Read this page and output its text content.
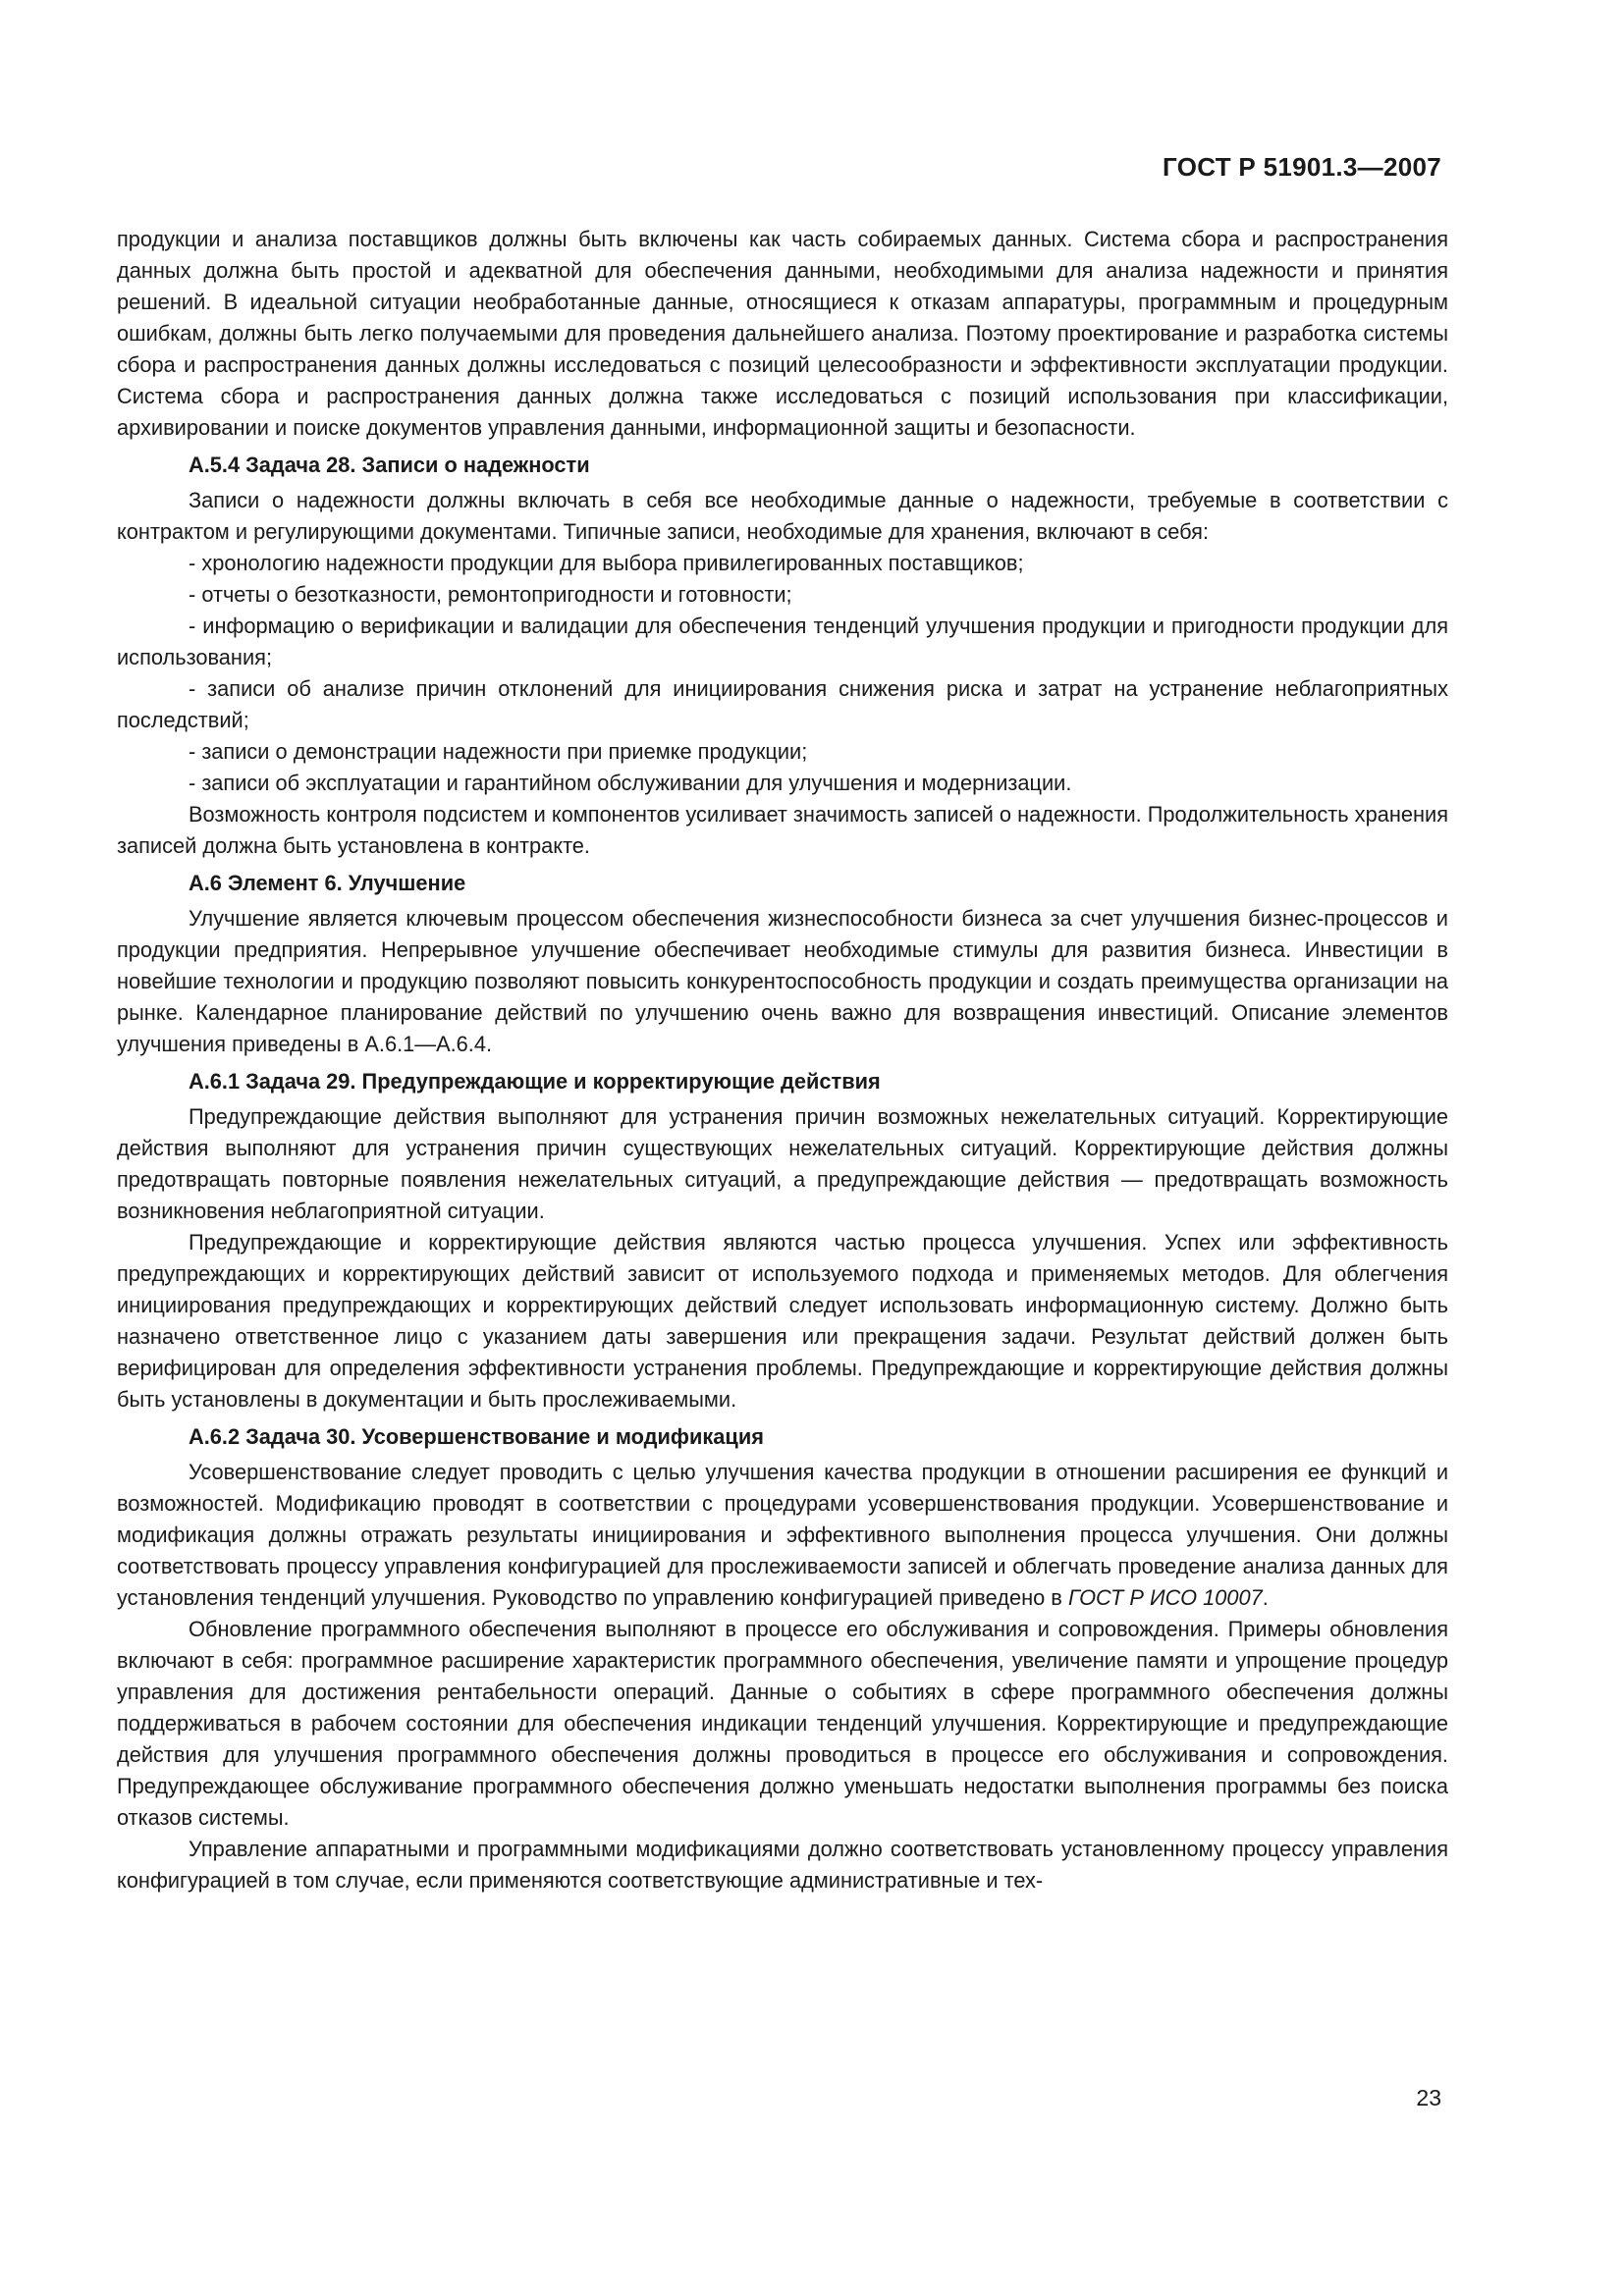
ГОСТ Р 51901.3—2007

продукции и анализа поставщиков должны быть включены как часть собираемых данных. Система сбора и распространения данных должна быть простой и адекватной для обеспечения данными, необходимыми для анализа надежности и принятия решений. В идеальной ситуации необработанные данные, относящиеся к отказам аппаратуры, программным и процедурным ошибкам, должны быть легко получаемыми для проведения дальнейшего анализа. Поэтому проектирование и разработка системы сбора и распространения данных должны исследоваться с позиций целесообразности и эффективности эксплуатации продукции. Система сбора и распространения данных должна также исследоваться с позиций использования при классификации, архивировании и поиске документов управления данными, информационной защиты и безопасности.

А.5.4 Задача 28. Записи о надежности

Записи о надежности должны включать в себя все необходимые данные о надежности, требуемые в соответствии с контрактом и регулирующими документами. Типичные записи, необходимые для хранения, включают в себя:

- хронологию надежности продукции для выбора привилегированных поставщиков;

- отчеты о безотказности, ремонтопригодности и готовности;

- информацию о верификации и валидации для обеспечения тенденций улучшения продукции и пригодности продукции для использования;

- записи об анализе причин отклонений для инициирования снижения риска и затрат на устранение неблагоприятных последствий;

- записи о демонстрации надежности при приемке продукции;

- записи об эксплуатации и гарантийном обслуживании для улучшения и модернизации.

Возможность контроля подсистем и компонентов усиливает значимость записей о надежности. Продолжительность хранения записей должна быть установлена в контракте.

А.6 Элемент 6. Улучшение

Улучшение является ключевым процессом обеспечения жизнеспособности бизнеса за счет улучшения бизнес-процессов и продукции предприятия. Непрерывное улучшение обеспечивает необходимые стимулы для развития бизнеса. Инвестиции в новейшие технологии и продукцию позволяют повысить конкурентоспособность продукции и создать преимущества организации на рынке. Календарное планирование действий по улучшению очень важно для возвращения инвестиций. Описание элементов улучшения приведены в А.6.1—А.6.4.

А.6.1 Задача 29. Предупреждающие и корректирующие действия

Предупреждающие действия выполняют для устранения причин возможных нежелательных ситуаций. Корректирующие действия выполняют для устранения причин существующих нежелательных ситуаций. Корректирующие действия должны предотвращать повторные появления нежелательных ситуаций, а предупреждающие действия — предотвращать возможность возникновения неблагоприятной ситуации.

Предупреждающие и корректирующие действия являются частью процесса улучшения. Успех или эффективность предупреждающих и корректирующих действий зависит от используемого подхода и применяемых методов. Для облегчения инициирования предупреждающих и корректирующих действий следует использовать информационную систему. Должно быть назначено ответственное лицо с указанием даты завершения или прекращения задачи. Результат действий должен быть верифицирован для определения эффективности устранения проблемы. Предупреждающие и корректирующие действия должны быть установлены в документации и быть прослеживаемыми.

А.6.2 Задача 30. Усовершенствование и модификация

Усовершенствование следует проводить с целью улучшения качества продукции в отношении расширения ее функций и возможностей. Модификацию проводят в соответствии с процедурами усовершенствования продукции. Усовершенствование и модификация должны отражать результаты инициирования и эффективного выполнения процесса улучшения. Они должны соответствовать процессу управления конфигурацией для прослеживаемости записей и облегчать проведение анализа данных для установления тенденций улучшения. Руководство по управлению конфигурацией приведено в ГОСТ Р ИСО 10007.

Обновление программного обеспечения выполняют в процессе его обслуживания и сопровождения. Примеры обновления включают в себя: программное расширение характеристик программного обеспечения, увеличение памяти и упрощение процедур управления для достижения рентабельности операций. Данные о событиях в сфере программного обеспечения должны поддерживаться в рабочем состоянии для обеспечения индикации тенденций улучшения. Корректирующие и предупреждающие действия для улучшения программного обеспечения должны проводиться в процессе его обслуживания и сопровождения. Предупреждающее обслуживание программного обеспечения должно уменьшать недостатки выполнения программы без поиска отказов системы.

Управление аппаратными и программными модификациями должно соответствовать установленному процессу управления конфигурацией в том случае, если применяются соответствующие административные и тех-

23
